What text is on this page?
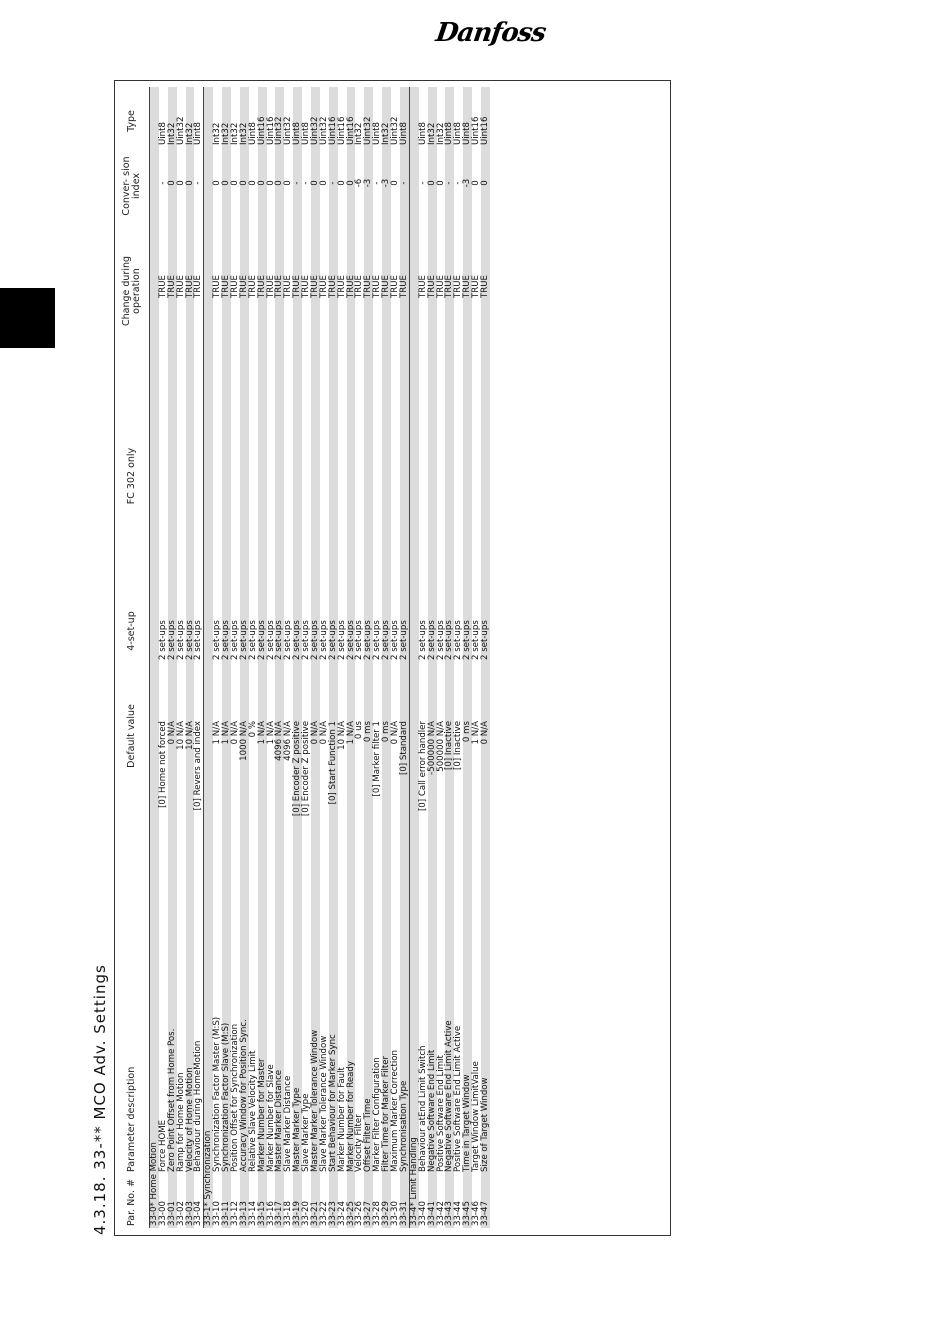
Danfoss
4.3.18. 33-** MCO Adv. Settings	Par. No. #
Parameter description
Default value
4-set-up
FC 302 only
Change during operation
Conver- sion index
Type
33-0* Home Motion
33-00
Force HOME
[0] Home not forced
2 set-ups
TRUE
-
Uint8
33-01
Zero Point Offset from Home Pos.
0 N/A
2 set-ups
TRUE
0
Int32
33-02
Ramp for Home Motion
10 N/A
2 set-ups
TRUE
0
Uint32
33-03
Velocity of Home Motion
10 N/A
2 set-ups
TRUE
0
Int32
33-04
Behaviour during HomeMotion
[0] Revers and index
2 set-ups
TRUE
-
Uint8
33-1* Synchronization
33-10
Synchronization Factor Master (M:S)
1 N/A
2 set-ups
TRUE
0
Int32
33-11
Synchronization Factor Slave (M:S)
1 N/A
2 set-ups
TRUE
0
Int32
33-12
Position Offset for Synchronization
0 N/A
2 set-ups
TRUE
0
Int32
33-13
Accuracy Window for Position Sync.
1000 N/A
2 set-ups
TRUE
0
Int32
33-14
Relative Slave Velocity Limit
0 %
2 set-ups
TRUE
0
Uint8
33-15
Marker Number for Master
1 N/A
2 set-ups
TRUE
0
Uint16
33-16
Marker Number for Slave
1 N/A
2 set-ups
TRUE
0
Uint16
33-17
Master Marker Distance
4096 N/A
2 set-ups
TRUE
0
Uint32
33-18
Slave Marker Distance
4096 N/A
2 set-ups
TRUE
0
Uint32
33-19
Master Marker Type
[0] Encoder Z positive
2 set-ups
TRUE
-
Uint8
33-20
Slave Marker Type
[0] Encoder Z positive
2 set-ups
TRUE
-
Uint8
33-21
Master Marker Tolerance Window
0 N/A
2 set-ups
TRUE
0
Uint32
33-22
Slave Marker Tolerance Window
0 N/A
2 set-ups
TRUE
0
Uint32
33-23
Start Behaviour for Marker Sync
[0] Start Function 1
2 set-ups
TRUE
-
Uint16
33-24
Marker Number for Fault
10 N/A
2 set-ups
TRUE
0
Uint16
33-25
Marker Number for Ready
1 N/A
2 set-ups
TRUE
0
Uint16
33-26
Velocity Filter
0 us
2 set-ups
TRUE
-6
Int32
33-27
Offset Filter Time
0 ms
2 set-ups
TRUE
-3
Uint32
33-28
Marker Filter Configuration
[0] Marker filter 1
2 set-ups
TRUE
-
Uint8
33-29
Filter Time for Marker Filter
0 ms
2 set-ups
TRUE
-3
Int32
33-30
Maximum Marker Correction
0 N/A
2 set-ups
TRUE
0
Uint32
33-31
Synchronisation Type
[0] Standard
2 set-ups
TRUE
-
Uint8
33-4* Limit Handling
33-40
Behaviour atEnd Limit Switch
[0] Call error handler
2 set-ups
TRUE
-
Uint8
33-41
Negative Software End Limit
-500000 N/A
2 set-ups
TRUE
0
Int32
33-42
Positive Software End Limit
500000 N/A
2 set-ups
TRUE
0
Int32
33-43
Negative Software End Limit Active
[0] Inactive
2 set-ups
TRUE
-
Uint8
33-44
Positive Software End Limit Active
[0] Inactive
2 set-ups
TRUE
-
Uint8
33-45
Time in Target Window
0 ms
2 set-ups
TRUE
-3
Uint8
33-46
Target Window LimitValue
1 N/A
2 set-ups
TRUE
0
Uint16
33-47
Size of Target Window
0 N/A
2 set-ups
TRUE
0
Uint16
